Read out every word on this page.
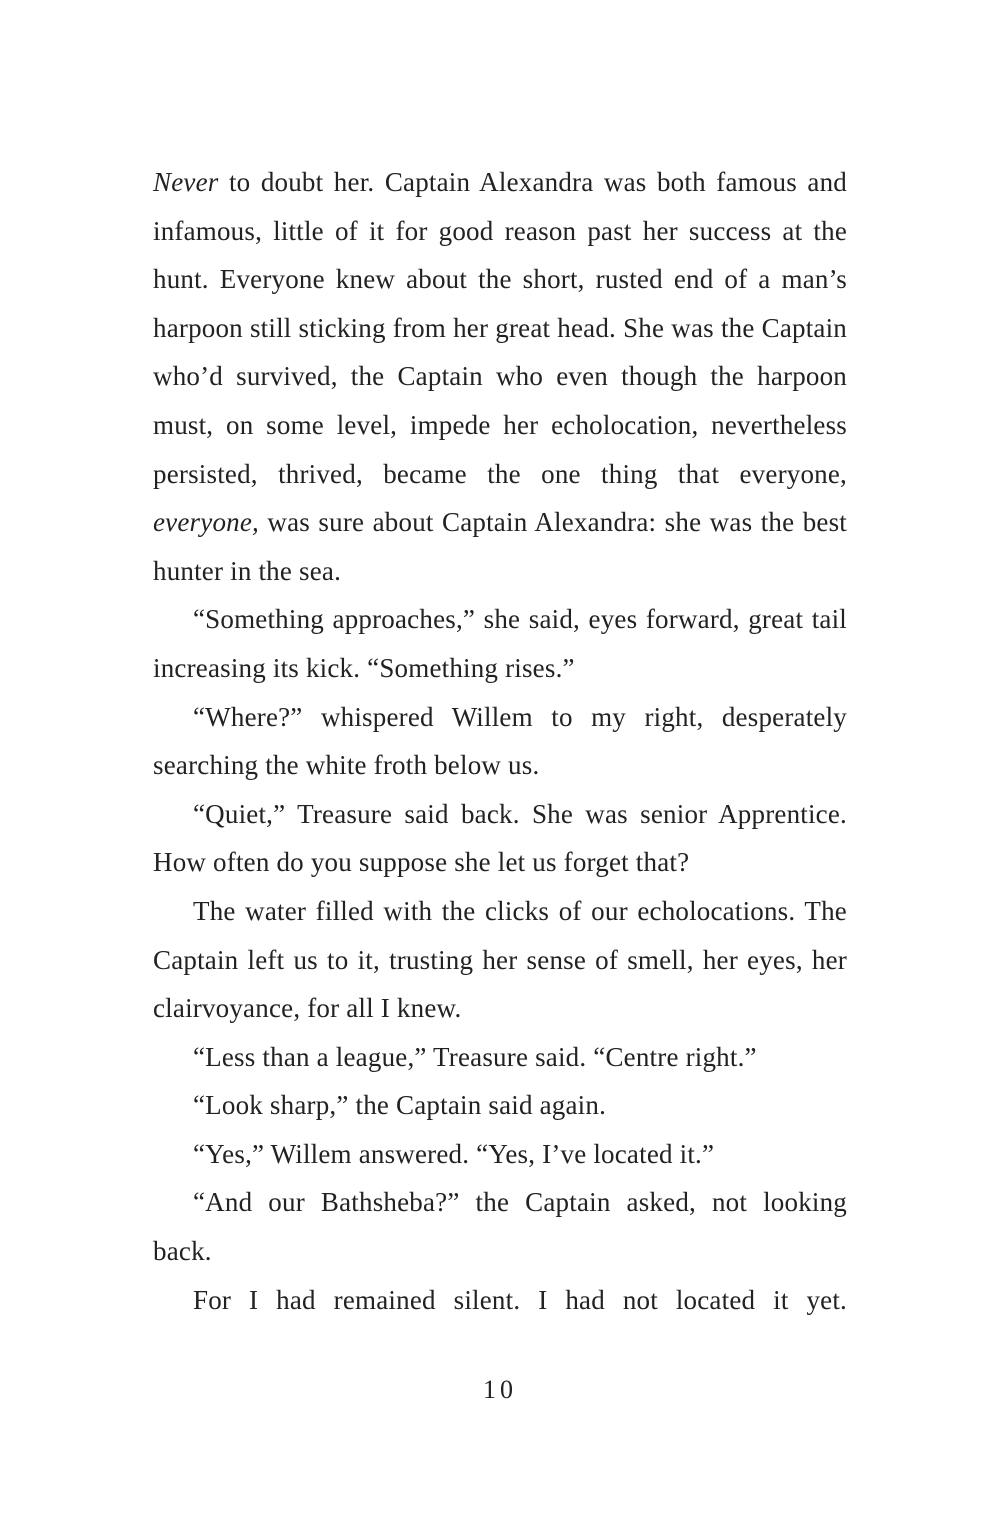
Never to doubt her. Captain Alexandra was both famous and infamous, little of it for good reason past her success at the hunt. Everyone knew about the short, rusted end of a man’s harpoon still sticking from her great head. She was the Captain who’d survived, the Captain who even though the harpoon must, on some level, impede her echolocation, nevertheless persisted, thrived, became the one thing that everyone, everyone, was sure about Captain Alexandra: she was the best hunter in the sea.

“Something approaches,” she said, eyes forward, great tail increasing its kick. “Something rises.”

“Where?” whispered Willem to my right, desperately searching the white froth below us.

“Quiet,” Treasure said back. She was senior Apprentice. How often do you suppose she let us forget that?

The water filled with the clicks of our echolocations. The Captain left us to it, trusting her sense of smell, her eyes, her clairvoyance, for all I knew.

“Less than a league,” Treasure said. “Centre right.”

“Look sharp,” the Captain said again.

“Yes,” Willem answered. “Yes, I’ve located it.”

“And our Bathsheba?” the Captain asked, not looking back.

For I had remained silent. I had not located it yet.

10
